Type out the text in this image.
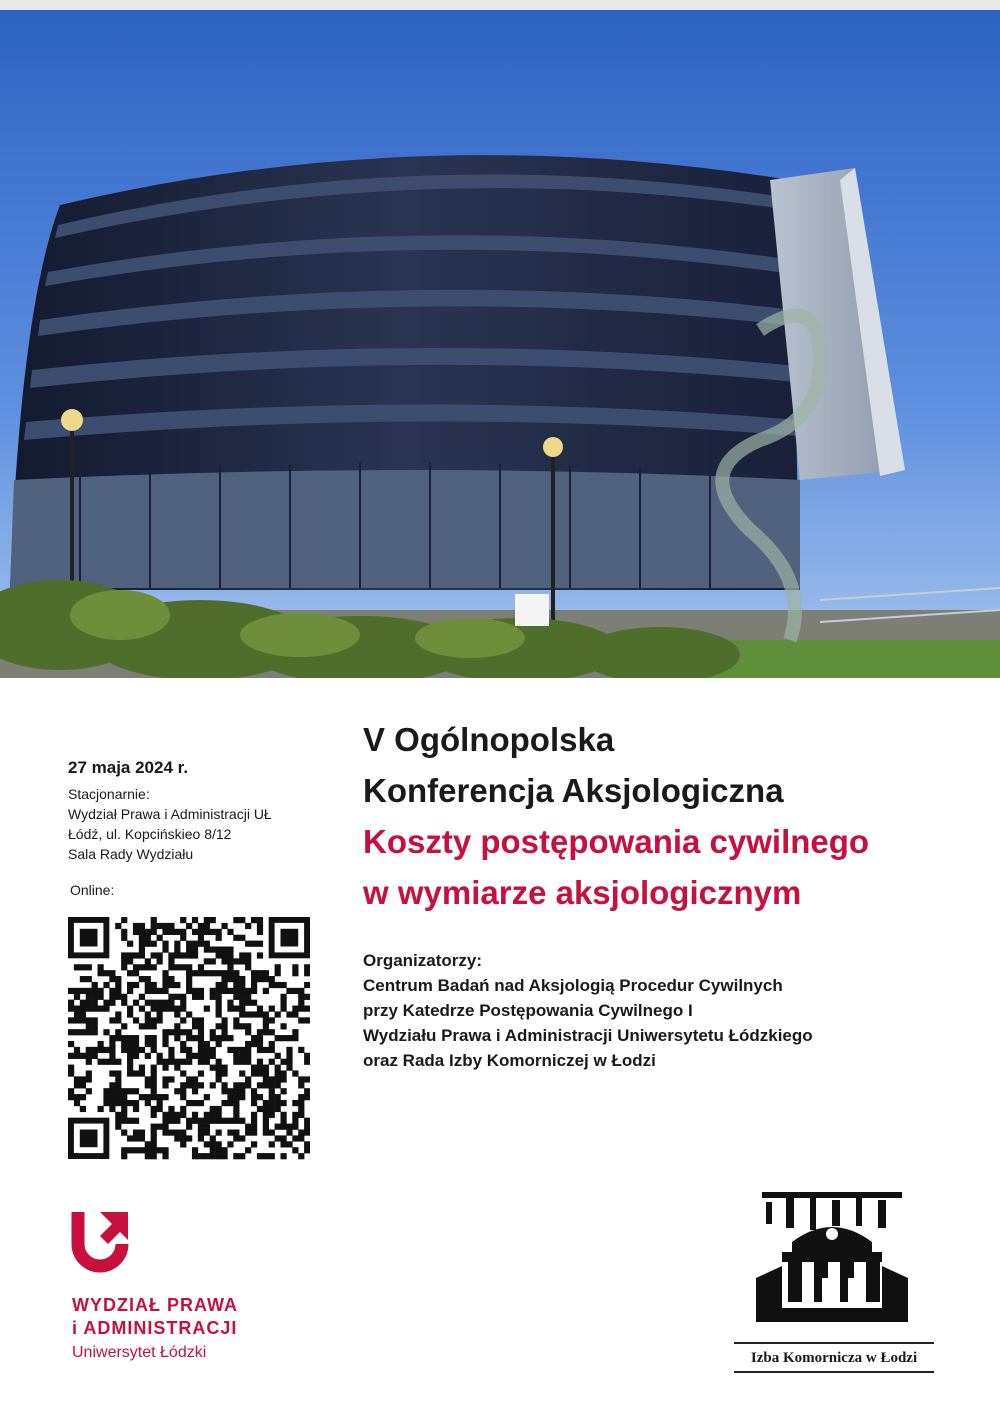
27 maja 2024 r.
Stacjonarnie:
Wydział Prawa i Administracji UŁ
Łódź, ul. Kopcińskieo 8/12
Sala Rady Wydziału
Online:
V Ogólnopolska
Konferencja Aksjologiczna
Koszty postępowania cywilnego
w wymiarze aksjologicznym
Organizatorzy:
Centrum Badań nad Aksjologią Procedur Cywilnych
przy Katedrze Postępowania Cywilnego I
Wydziału Prawa i Administracji Uniwersytetu Łódzkiego
oraz Rada Izby Komorniczej w Łodzi
WYDZIAŁ PRAWA
i ADMINISTRACJI
Uniwersytet Łódzki	Izba Komornicza w Łodzi
